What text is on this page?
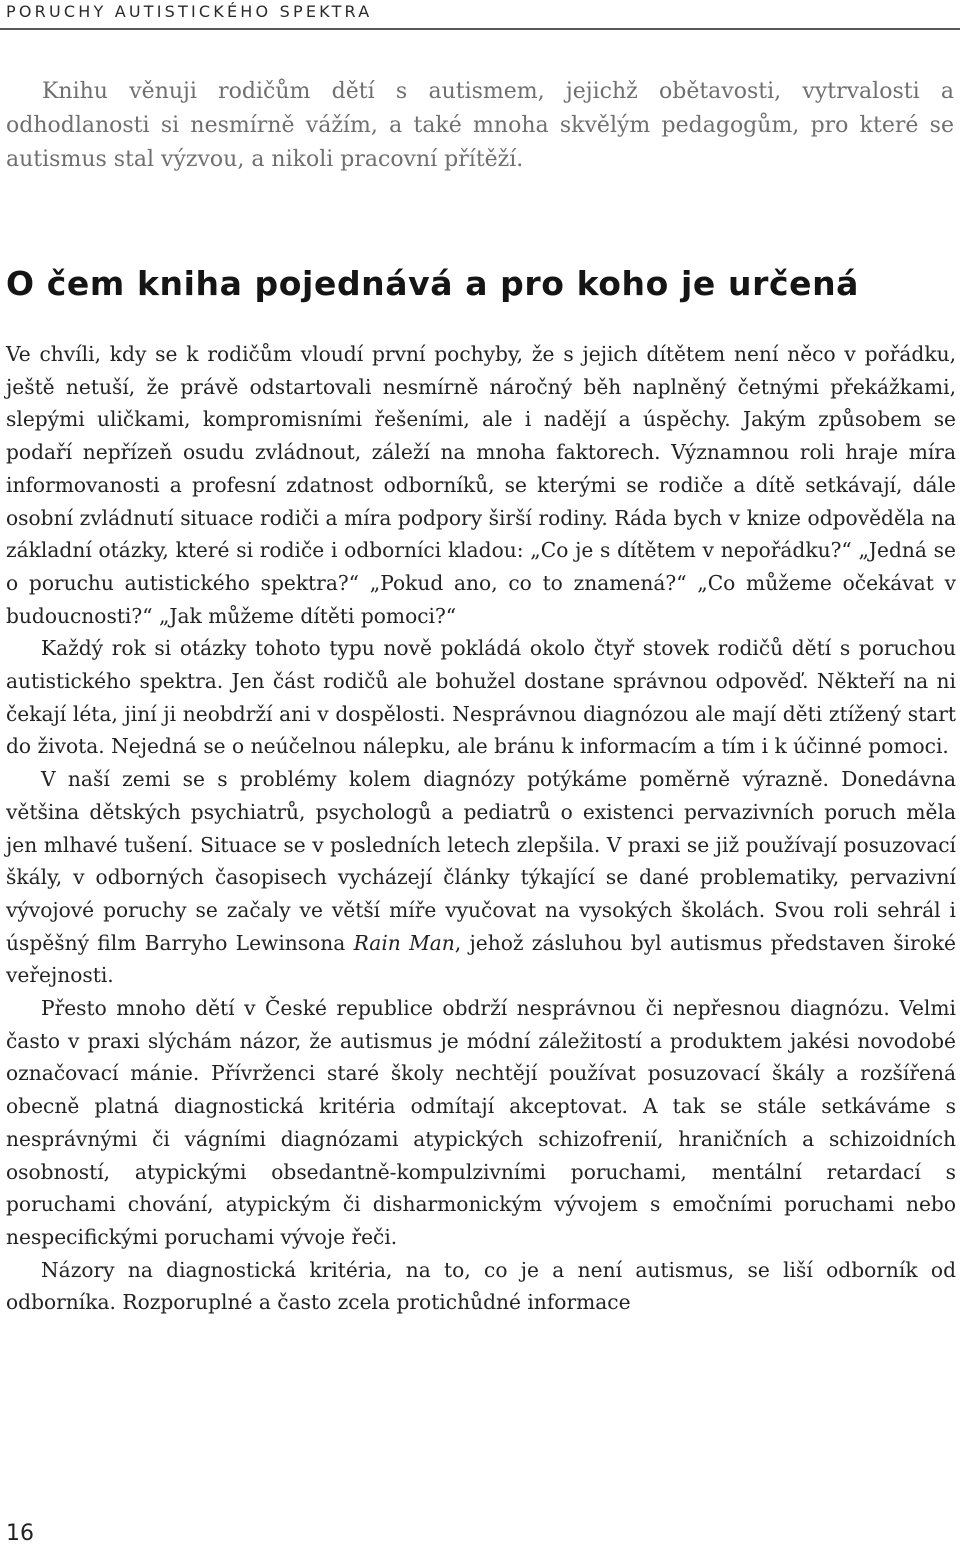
PORUCHY AUTISTICKÉHO SPEKTRA

Knihu věnuji rodičům dětí s autismem, jejichž obětavosti, vytrvalosti a odhodlanosti si nesmírně vážím, a také mnoha skvělým pedagogům, pro které se autismus stal výzvou, a nikoli pracovní přítěží.

O čem kniha pojednává a pro koho je určená

Ve chvíli, kdy se k rodičům vloudí první pochyby, že s jejich dítětem není něco v pořádku, ještě netuší, že právě odstartovali nesmírně náročný běh naplněný četnými překážkami, slepými uličkami, kompromisními řešeními, ale i nadějí a úspěchy. Jakým způsobem se podaří nepřízeň osudu zvládnout, záleží na mnoha faktorech. Významnou roli hraje míra informovanosti a profesní zdatnost odborníků, se kterými se rodiče a dítě setkávají, dále osobní zvládnutí situace rodiči a míra podpory širší rodiny. Ráda bych v knize odpověděla na základní otázky, které si rodiče i odborníci kladou: „Co je s dítětem v nepořádku?“ „Jedná se o poruchu autistického spektra?“ „Pokud ano, co to znamená?“ „Co můžeme očekávat v budoucnosti?“ „Jak můžeme dítěti pomoci?“

Každý rok si otázky tohoto typu nově pokládá okolo čtyř stovek rodičů dětí s poruchou autistického spektra. Jen část rodičů ale bohužel dostane správnou odpověď. Někteří na ni čekají léta, jiní ji neobdrží ani v dospělosti. Nesprávnou diagnózou ale mají děti ztížený start do života. Nejedná se o neúčelnou nálepku, ale bránu k informacím a tím i k účinné pomoci.

V naší zemi se s problémy kolem diagnózy potýkáme poměrně výrazně. Donedávna většina dětských psychiatrů, psychologů a pediatrů o existenci pervazivních poruch měla jen mlhavé tušení. Situace se v posledních letech zlepšila. V praxi se již používají posuzovací škály, v odborných časopisech vycházejí články týkající se dané problematiky, pervazivní vývojové poruchy se začaly ve větší míře vyučovat na vysokých školách. Svou roli sehrál i úspěšný film Barryho Lewinsona Rain Man, jehož zásluhou byl autismus představen široké veřejnosti.

Přesto mnoho dětí v České republice obdrží nesprávnou či nepřesnou diagnózu. Velmi často v praxi slýchám názor, že autismus je módní záležitostí a produktem jakési novodobé označovací mánie. Přívrženci staré školy nechtějí používat posuzovací škály a rozšířená obecně platná diagnostická kritéria odmítají akceptovat. A tak se stále setkáváme s nesprávnými či vágními diagnózami atypických schizofrenií, hraničních a schizoidních osobností, atypickými obsedantně-kompulzivními poruchami, mentální retardací s poruchami chování, atypickým či disharmonickým vývojem s emočními poruchami nebo nespecifickými poruchami vývoje řeči.

Názory na diagnostická kritéria, na to, co je a není autismus, se liší odborník od odborníka. Rozporuplné a často zcela protichůdné informace

16
